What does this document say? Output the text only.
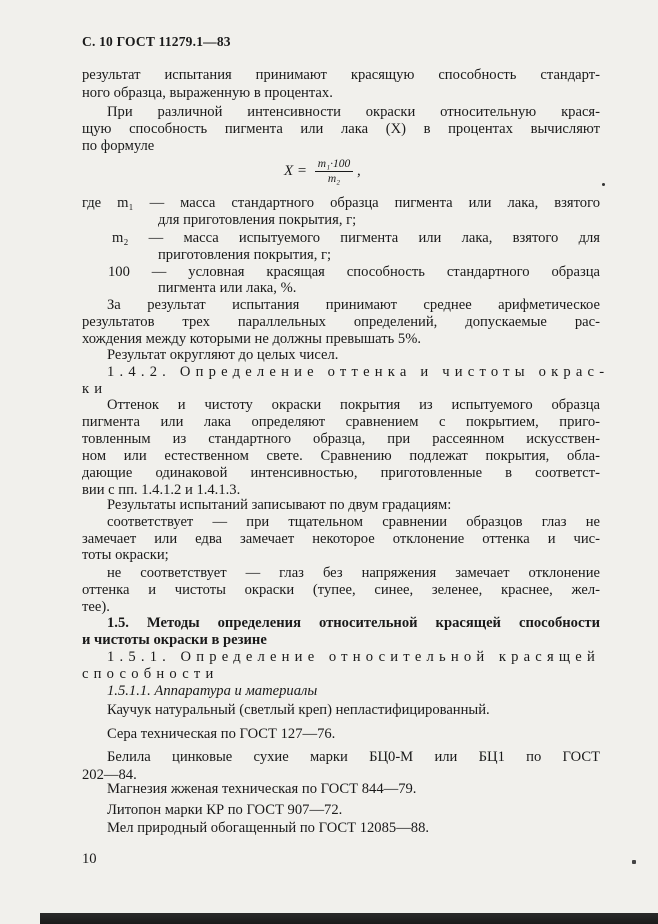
С. 10 ГОСТ 11279.1—83
результат испытания принимают красящую способность стандарт-
ного образца, выраженную в процентах.
При различной интенсивности окраски относительную крася-
щую способность пигмента или лака (X) в процентах вычисляют
по формуле
$X = \frac{\text{m₁·100}}{\text{m₂}}$ ,
где m₁ — масса стандартного образца пигмента или лака, взятого
для приготовления покрытия, г;
m₂ — масса испытуемого пигмента или лака, взятого для
приготовления покрытия, г;
100 — условная красящая способность стандартного образца
пигмента или лака, %.
За результат испытания принимают среднее арифметическое
результатов трех параллельных определений, допускаемые рас-
хождения между которыми не должны превышать 5%.
Результат округляют до целых чисел.
1.4.2. Определение оттенка и чистоты окрас-
ки
Оттенок и чистоту окраски покрытия из испытуемого образца
пигмента или лака определяют сравнением с покрытием, приго-
товленным из стандартного образца, при рассеянном искусствен-
ном или естественном свете. Сравнению подлежат покрытия, обла-
дающие одинаковой интенсивностью, приготовленные в соответст-
вии с пп. 1.4.1.2 и 1.4.1.3.
Результаты испытаний записывают по двум градациям:
соответствует — при тщательном сравнении образцов глаз не
замечает или едва замечает некоторое отклонение оттенка и чис-
тоты окраски;
не соответствует — глаз без напряжения замечает отклонение
оттенка и чистоты окраски (тупее, синее, зеленее, краснее, жел-
тее).
1.5. Методы определения относительной красящей способности
и чистоты окраски в резине
1.5.1. Определение относительной красящей
способности
1.5.1.1. Аппаратура и материалы
Каучук натуральный (светлый креп) непластифицированный.
Сера техническая по ГОСТ 127—76.
Белила цинковые сухие марки БЦ0-М или БЦ1 по ГОСТ
202—84.
Магнезия жженая техническая по ГОСТ 844—79.
Литопон марки КР по ГОСТ 907—72.
Мел природный обогащенный по ГОСТ 12085—88.
10
